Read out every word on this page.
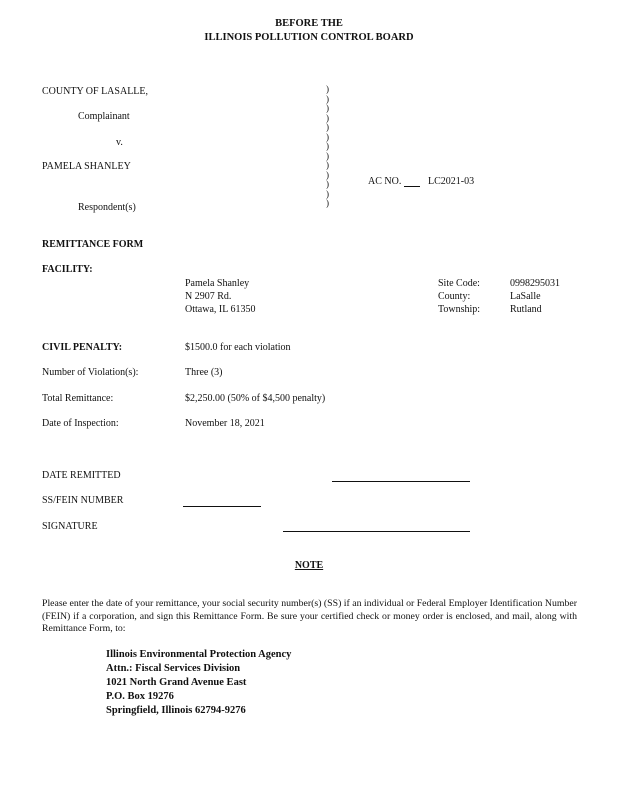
BEFORE THE
ILLINOIS POLLUTION CONTROL BOARD
COUNTY OF LASALLE,
Complainant
v.
PAMELA SHANLEY
Respondent(s)
)
)
)
)
)
)
)
)
)
)
)
)
)
AC NO.	LC2021-03
REMITTANCE FORM
FACILITY:
Pamela Shanley
N 2907 Rd.
Ottawa, IL 61350
Site Code:	0998295031
County:	LaSalle
Township:	Rutland
CIVIL PENALTY:	$1500.0 for each violation
Number of Violation(s):	Three (3)
Total Remittance:	$2,250.00 (50% of $4,500 penalty)
Date of Inspection:	November 18, 2021
DATE REMITTED
SS/FEIN NUMBER
SIGNATURE
NOTE
Please enter the date of your remittance, your social security number(s) (SS) if an individual or Federal Employer Identification Number (FEIN) if a corporation, and sign this Remittance Form. Be sure your certified check or money order is enclosed, and mail, along with Remittance Form, to:
Illinois Environmental Protection Agency
Attn.: Fiscal Services Division
1021 North Grand Avenue East
P.O. Box 19276
Springfield, Illinois 62794-9276
